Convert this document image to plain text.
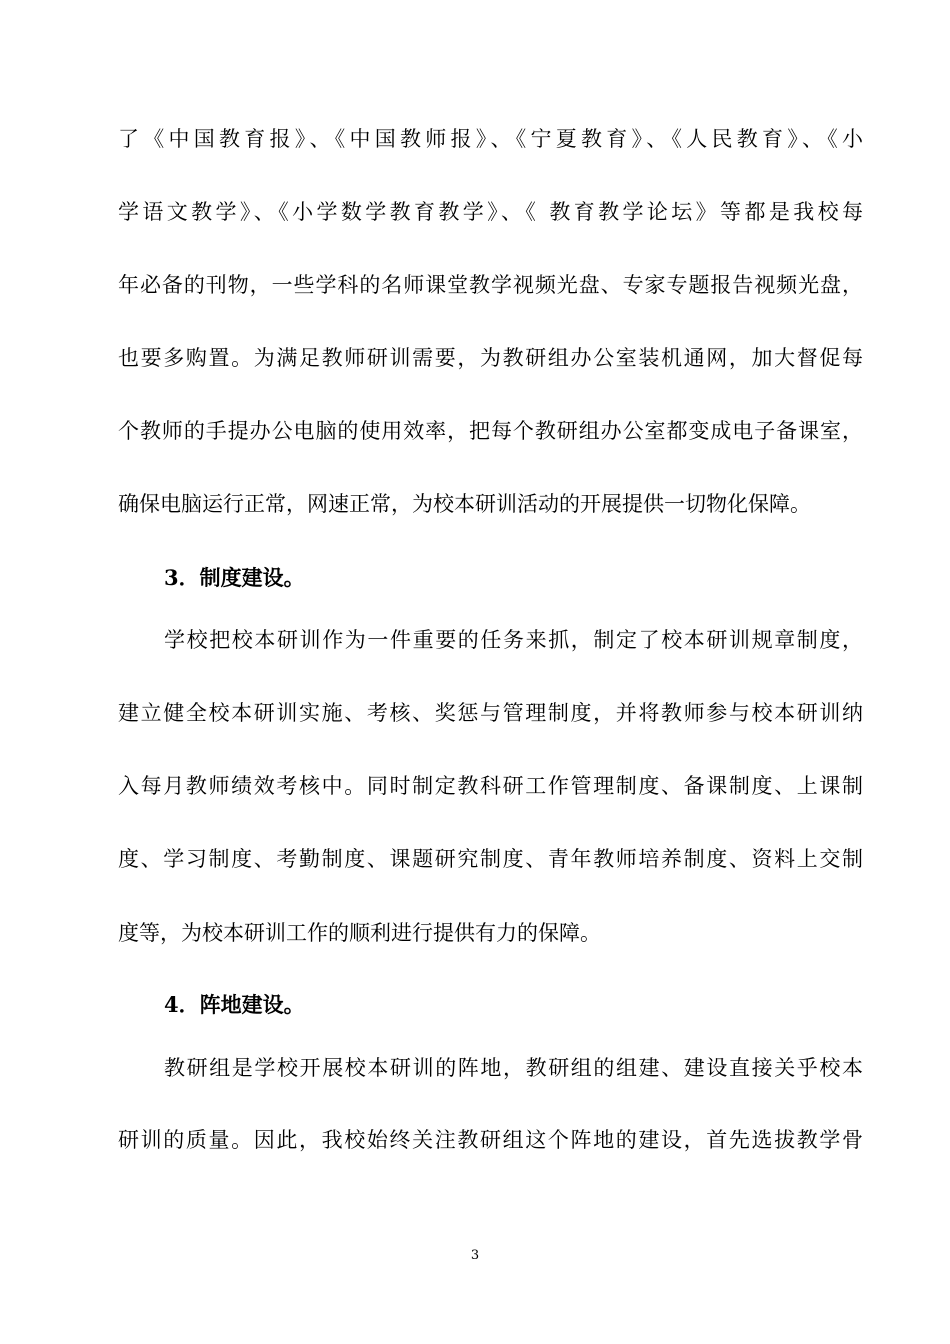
了《中国教育报》、《中国教师报》、《宁夏教育》、《人民教育》、《小
学语文教学》、《小学数学教育教学》、《 教育教学论坛》等都是我校每
年必备的刊物，一些学科的名师课堂教学视频光盘、专家专题报告视频光盘，
也要多购置。为满足教师研训需要，为教研组办公室装机通网，加大督促每
个教师的手提办公电脑的使用效率，把每个教研组办公室都变成电子备课室，
确保电脑运行正常，网速正常，为校本研训活动的开展提供一切物化保障。
3．制度建设。
学校把校本研训作为一件重要的任务来抓，制定了校本研训规章制度，
建立健全校本研训实施、考核、奖惩与管理制度，并将教师参与校本研训纳
入每月教师绩效考核中。同时制定教科研工作管理制度、备课制度、上课制
度、学习制度、考勤制度、课题研究制度、青年教师培养制度、资料上交制
度等，为校本研训工作的顺利进行提供有力的保障。
4．阵地建设。
教研组是学校开展校本研训的阵地，教研组的组建、建设直接关乎校本
研训的质量。因此，我校始终关注教研组这个阵地的建设，首先选拔教学骨
3
